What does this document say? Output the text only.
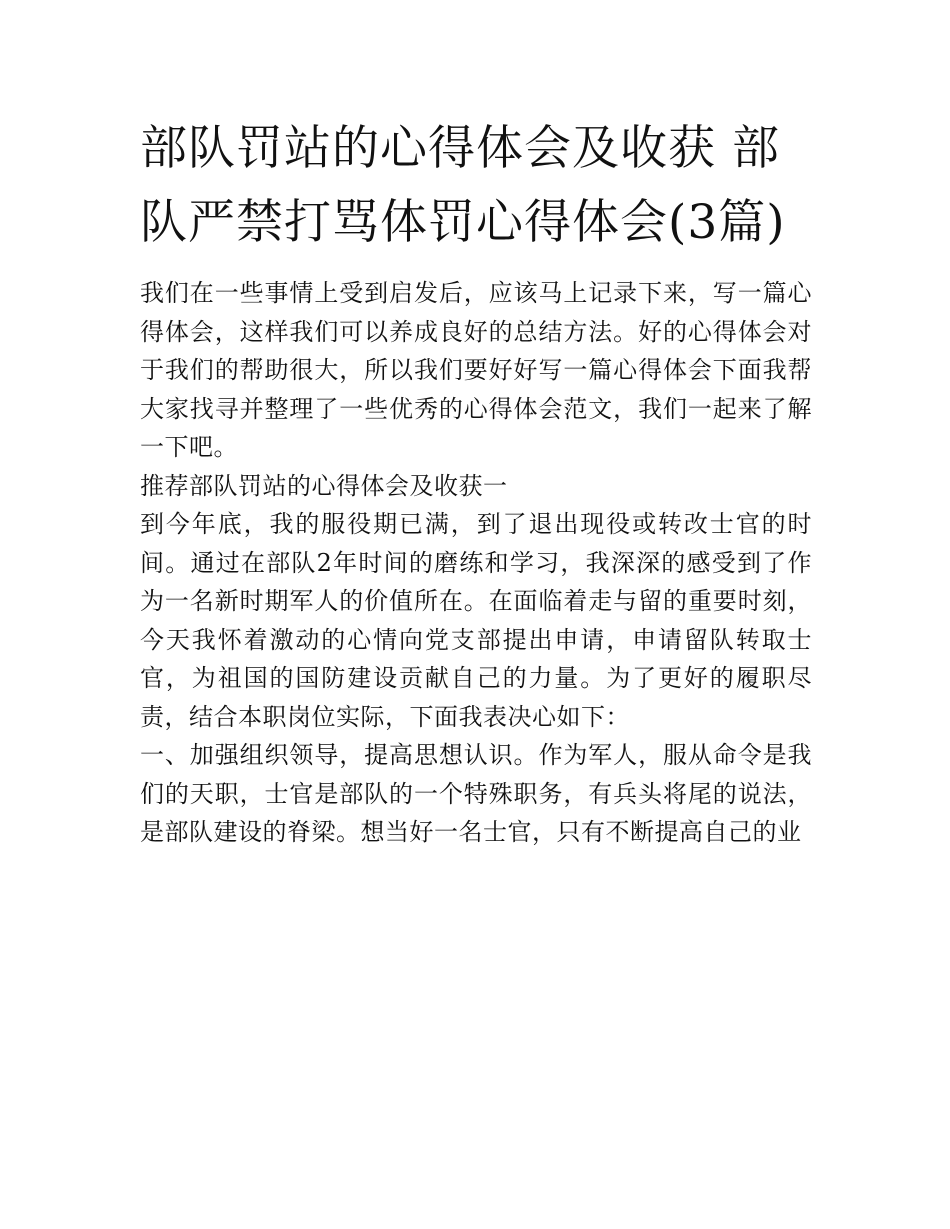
部队罚站的心得体会及收获 部队严禁打骂体罚心得体会(3篇)

我们在一些事情上受到启发后，应该马上记录下来，写一篇心得体会，这样我们可以养成良好的总结方法。好的心得体会对于我们的帮助很大，所以我们要好好写一篇心得体会下面我帮大家找寻并整理了一些优秀的心得体会范文，我们一起来了解一下吧。

推荐部队罚站的心得体会及收获一

到今年底，我的服役期已满，到了退出现役或转改士官的时间。通过在部队2年时间的磨练和学习，我深深的感受到了作为一名新时期军人的价值所在。在面临着走与留的重要时刻，今天我怀着激动的心情向党支部提出申请，申请留队转取士官，为祖国的国防建设贡献自己的力量。为了更好的履职尽责，结合本职岗位实际，下面我表决心如下：

一、加强组织领导，提高思想认识。作为军人，服从命令是我们的天职，士官是部队的一个特殊职务，有兵头将尾的说法，是部队建设的脊梁。想当好一名士官，只有不断提高自己的业
